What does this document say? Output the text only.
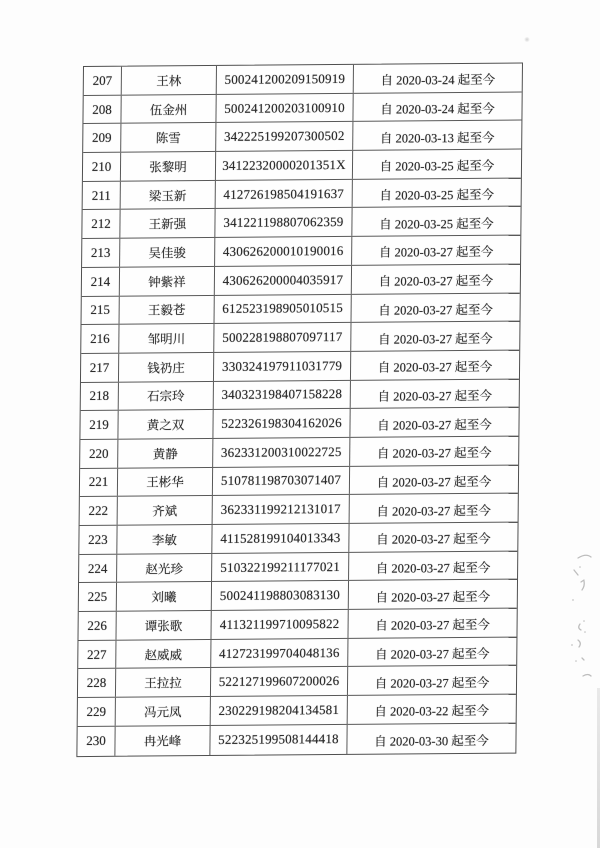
207	王林	500241200209150919	自 2020-03-24 起至今
208	伍金州	500241200203100910	自 2020-03-24 起至今
209	陈雪	342225199207300502	自 2020-03-13 起至今
210	张黎明	34122320000201351X	自 2020-03-25 起至今
211	梁玉新	412726198504191637	自 2020-03-25 起至今
212	王新强	341221198807062359	自 2020-03-25 起至今
213	吴佳骏	430626200010190016	自 2020-03-27 起至今
214	钟紫祥	430626200004035917	自 2020-03-27 起至今
215	王毅苍	612523198905010515	自 2020-03-27 起至今
216	邹明川	500228198807097117	自 2020-03-27 起至今
217	钱礽庄	330324197911031779	自 2020-03-27 起至今
218	石宗玲	340323198407158228	自 2020-03-27 起至今
219	黄之双	522326198304162026	自 2020-03-27 起至今
220	黄静	362331200310022725	自 2020-03-27 起至今
221	王彬华	510781198703071407	自 2020-03-27 起至今
222	齐斌	362331199212131017	自 2020-03-27 起至今
223	李敏	411528199104013343	自 2020-03-27 起至今
224	赵光珍	510322199211177021	自 2020-03-27 起至今
225	刘曦	500241198803083130	自 2020-03-27 起至今
226	谭张歌	411321199710095822	自 2020-03-27 起至今
227	赵威威	412723199704048136	自 2020-03-27 起至今
228	王拉拉	522127199607200026	自 2020-03-27 起至今
229	冯元凤	230229198204134581	自 2020-03-22 起至今
230	冉光峰	522325199508144418	自 2020-03-30 起至今
